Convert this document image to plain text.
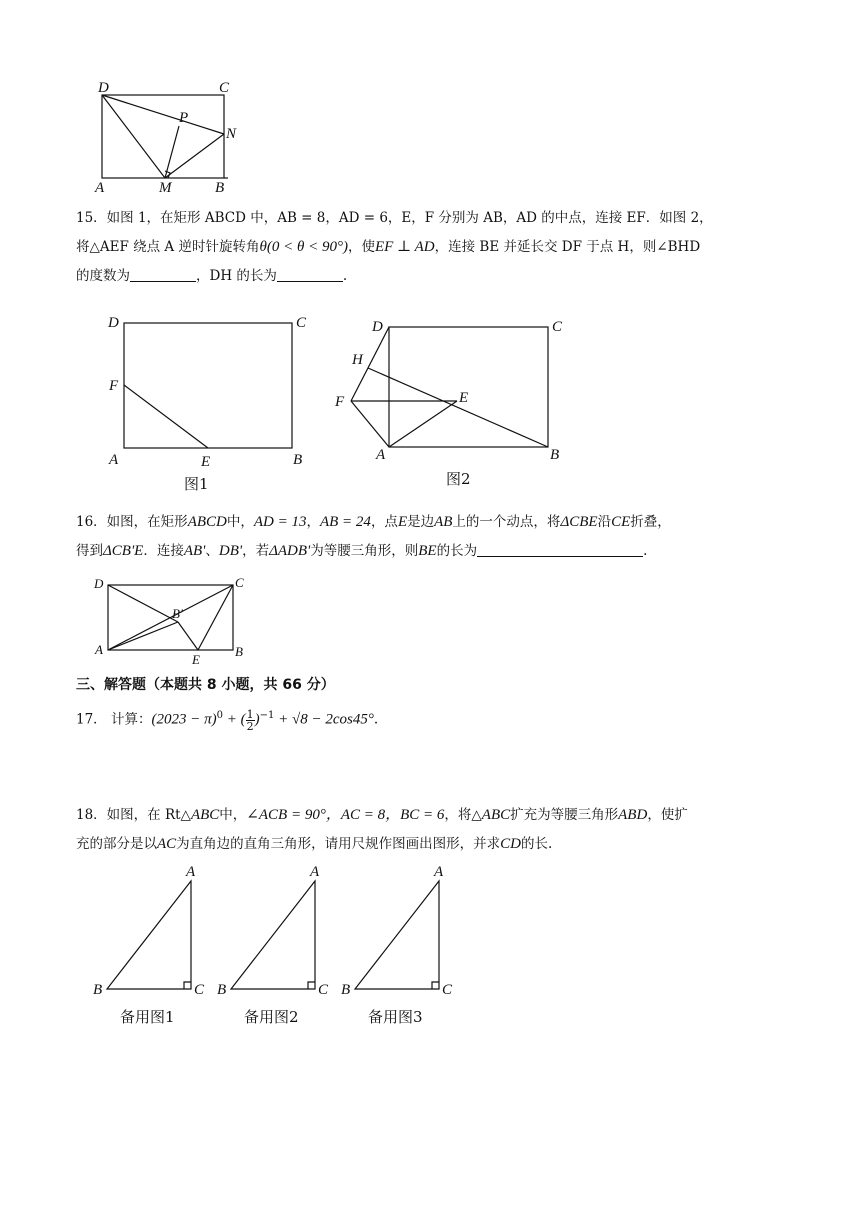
D	C
P
N
A	M	B
15．如图 1，在矩形 ABCD 中，AB = 8，AD = 6，E，F 分别为 AB，AD 的中点，连接 EF．如图 2，
将△AEF 绕点 A 逆时针旋转角θ(0 < θ < 90°)，使EF ⊥ AD，连接 BE 并延长交 DF 于点 H，则∠BHD
的度数为	，DH 的长为	.
D	C
F
A	E	B
图1
D	C
H
F	E
A	B
图2
16．如图，在矩形ABCD中，AD = 13，AB = 24，点E是边AB上的一个动点，将ΔCBE沿CE折叠，
得到ΔCB'E．连接AB'、DB'，若ΔADB'为等腰三角形，则BE的长为	.
D	C
B′
A
E
B
三、解答题（本题共 8 小题，共 66 分）
17． 计算：$(2023 - \pi)^0$ + ( $\frac{1}{2} )^{-1} + √8 - 2\cos 45^\circ$.
18．如图，在 Rt△ABC中，∠ACB = 90°，AC = 8，BC = 6，将△ABC扩充为等腰三角形ABD，使扩
充的部分是以AC为直角边的直角三角形，请用尺规作图画出图形，并求CD的长.
A
B	C
备用图1
A
B	C
备用图2
A
B	C
备用图3
